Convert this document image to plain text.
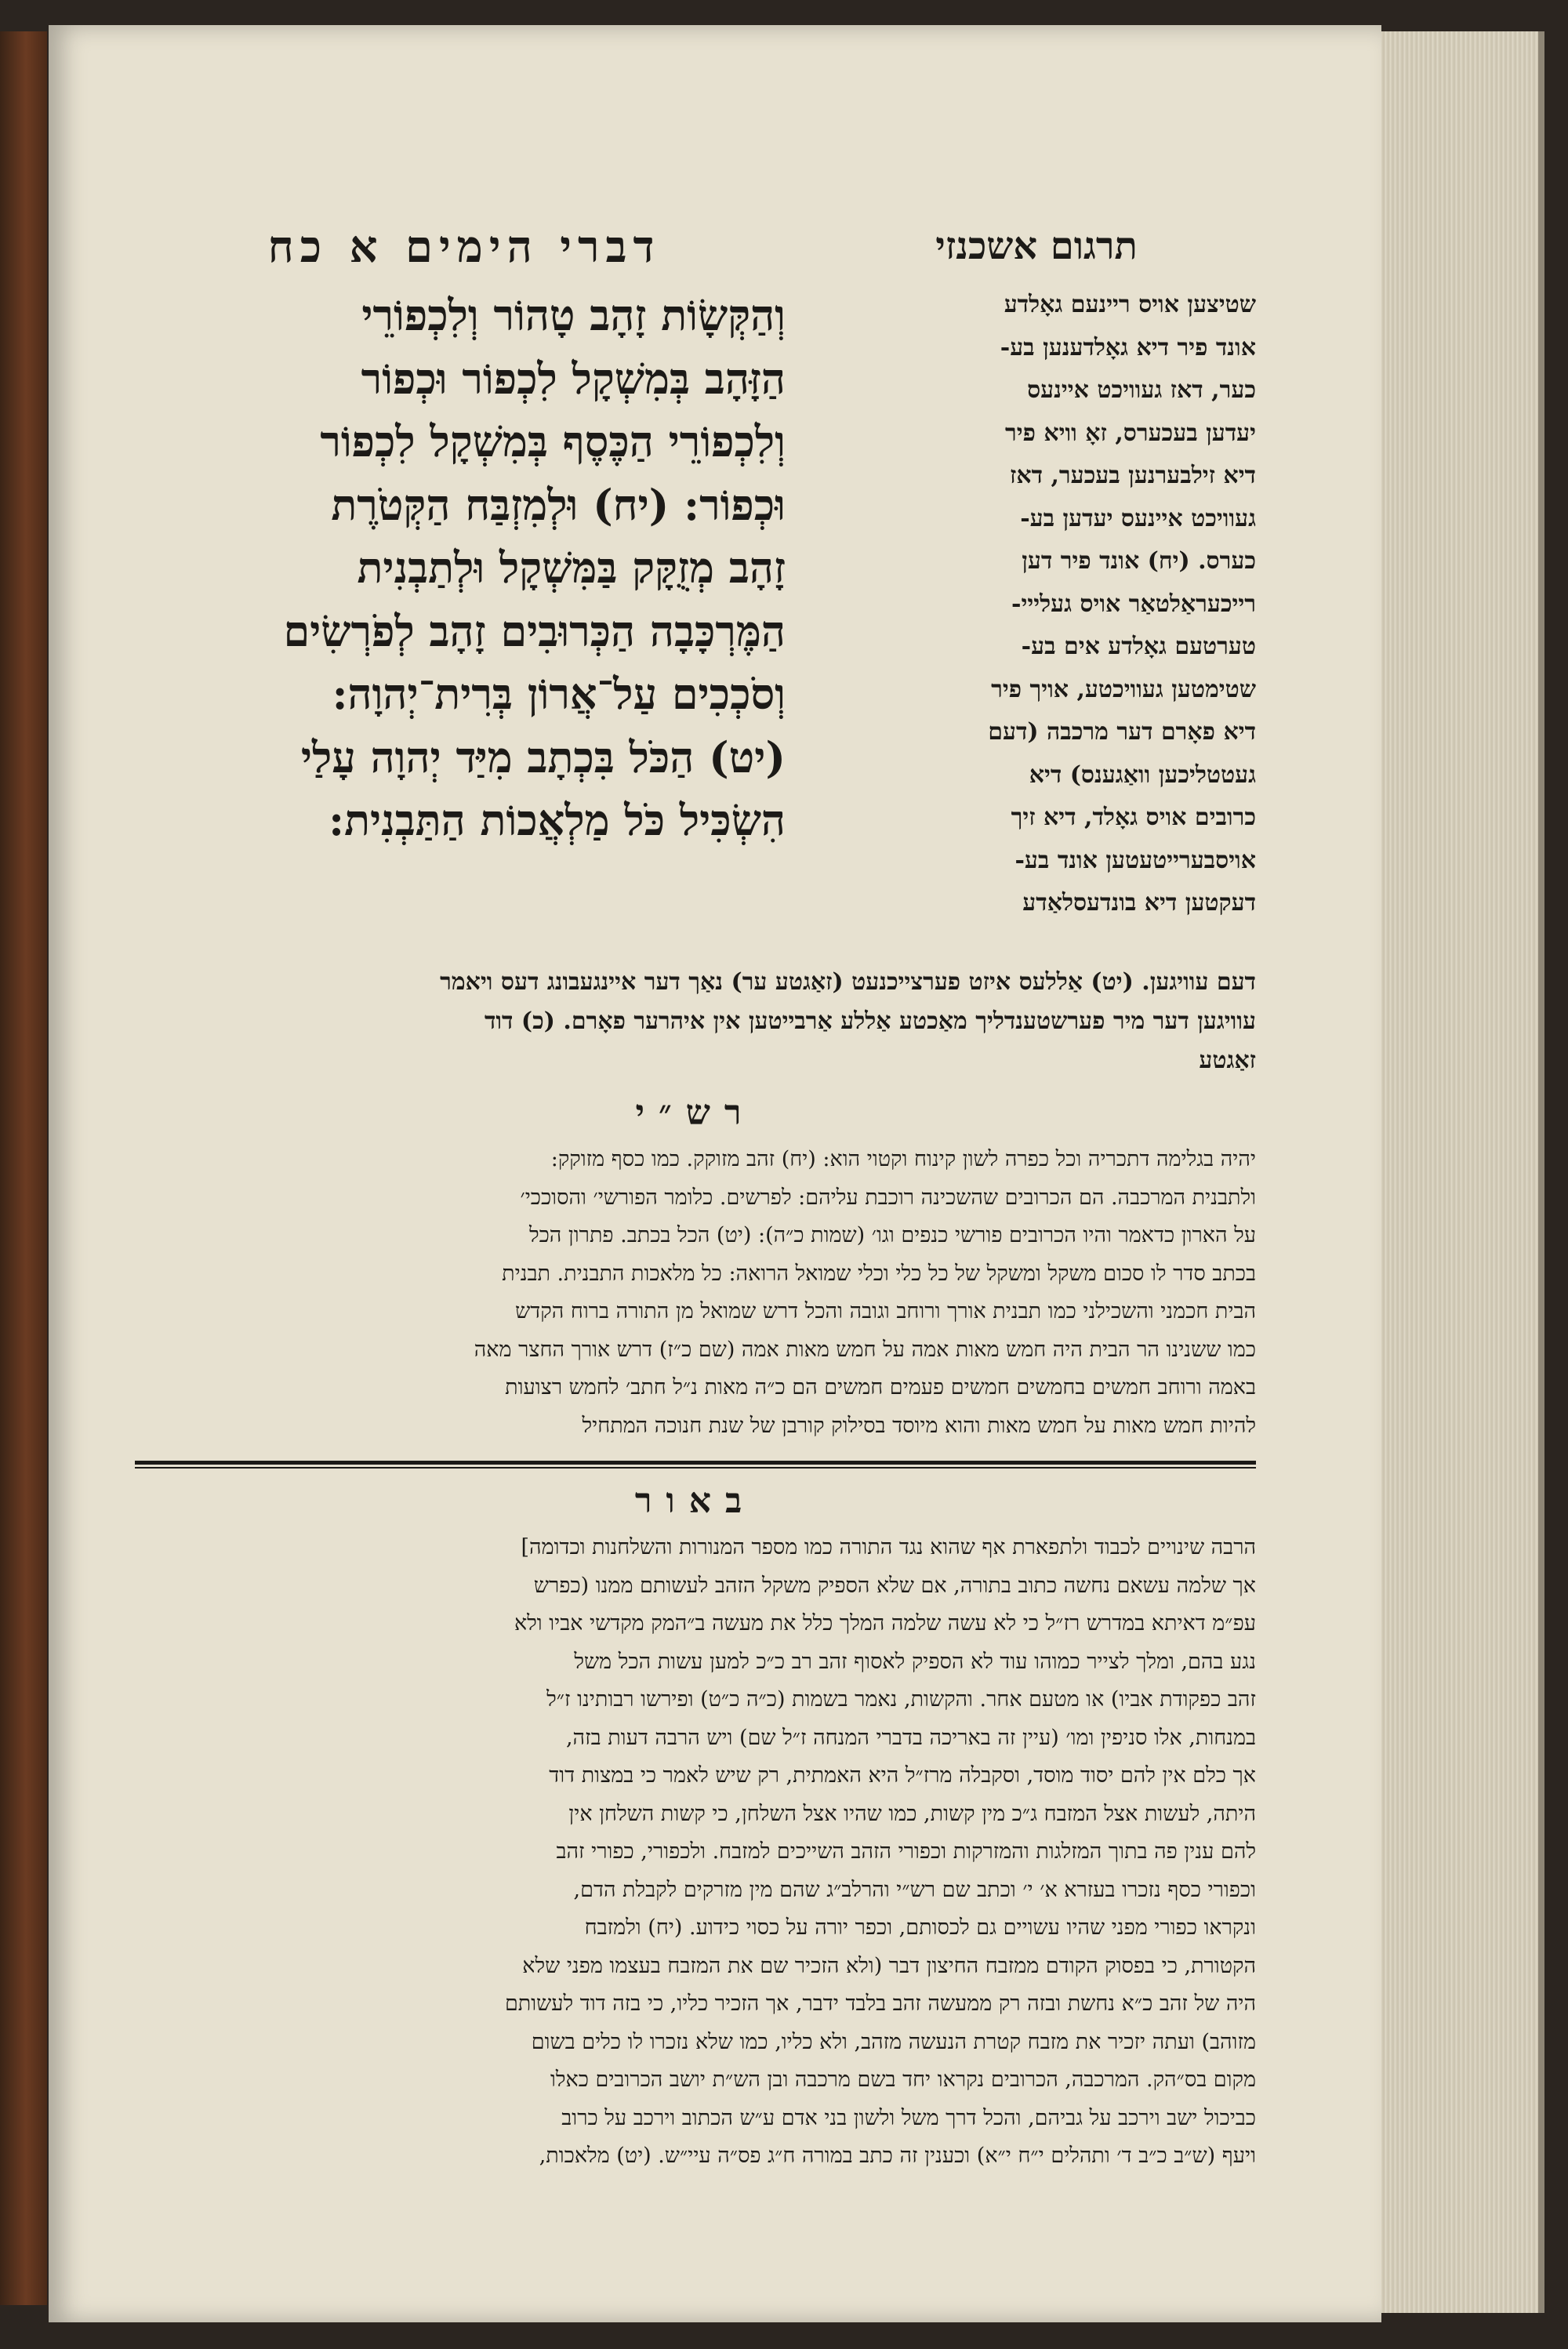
דברי הימים א כח	תרגום אשכנזי
שטיצען אויס ריינעם גאָלדע
אונד פיר דיא גאָלדענען בע-
כער, דאז געוויכט איינעס
יעדען בעכערס, זאָ וויא פיר
דיא זילבערנען בעכער, דאז
געוויכט איינעס יעדען בע-
כערס. (יח) אונד פיר דען
רייכעראַלטאַר אויס געלייי-
טערטעם גאָלדע אים בע-
שטימטען געוויכטע, אויך פיר
דיא פאָרם דער מרכבה (דעם
געטטליכען וואַגענס) דיא
כרובים אויס גאָלד, דיא זיך
אויסבערייטעטען אונד בע-
דעקטען דיא בונדעסלאַדע
וְהַקְּשָׂוֹת זָהָב טָהוֹר וְלִכְפוֹרֵי
הַזָּהָב בְּמִשְׁקָל לִכְפוֹר וּכְפוֹר
וְלִכְפוֹרֵי הַכֶּסֶף בְּמִשְׁקָל לִכְפוֹר
וּכְפוֹר: (יח) וּלְמִזְבַּח הַקְּטֹרֶת
זָהָב מְזֻקָּק בַּמִּשְׁקָל וּלְתַבְנִית
הַמֶּרְכָּבָה הַכְּרוּבִים זָהָב לְפֹרְשִׂים
וְסֹכְכִים עַל־אֲרוֹן בְּרִית־יְהוָה:
(יט) הַכֹּל בִּכְתָב מִיַּד יְהוָה עָלַי
הִשְׂכִּיל כֹּל מַלְאֲכוֹת הַתַּבְנִית:
דעם עוויגען. (יט) אַללעס איזט פערצייכנעט (זאַגטע ער) נאַך דער איינגעבונג דעס ויאמר
עוויגען דער מיר פערשטענדליך מאַכטע אַללע אַרבייטען אין איהרער פאָרם. (כ) דוד
זאַגטע
רש״י
יהיה בגלימה דתכריה וכל כפרה לשון קינוח וקטוי הוא: (יח) זהב מזוקק. כמו כסף מזוקק:
ולתבנית המרכבה. הם הכרובים שהשכינה רוכבת עליהם: לפרשים. כלומר הפורשי׳ והסוככי׳
על הארון כדאמר והיו הכרובים פורשי כנפים וגו׳ (שמות כ״ה): (יט) הכל בכתב. פתרון הכל
בכתב סדר לו סכום משקל ומשקל של כל כלי וכלי שמואל הרואה: כל מלאכות התבנית. תבנית
הבית חכמני והשכילני כמו תבנית אורך ורוחב וגובה והכל דרש שמואל מן התורה ברוח הקדש
כמו ששנינו הר הבית היה חמש מאות אמה על חמש מאות אמה (שם כ״ז) דרש אורך החצר מאה
באמה ורוחב חמשים בחמשים חמשים פעמים חמשים הם כ״ה מאות נ״ל חתב׳ לחמש רצועות
להיות חמש מאות על חמש מאות והוא מיוסד בסילוק קורבן של שנת חנוכה המתחיל
באור
הרבה שינויים לכבוד ולתפארת אף שהוא נגד התורה כמו מספר המנורות והשלחנות וכדומה]
אך שלמה עשאם נחשה כתוב בתורה, אם שלא הספיק משקל הזהב לעשותם ממנו (כפרש
עפ״מ דאיתא במדרש רז״ל כי לא עשה שלמה המלך כלל את מעשה ב״המק מקדשי אביו ולא
נגע בהם, ומלך לצייר כמוהו עוד לא הספיק לאסוף זהב רב כ״כ למען עשות הכל משל
זהב כפקודת אביו) או מטעם אחר. והקשות, נאמר בשמות (כ״ה כ״ט) ופירשו רבותינו ז״ל
במנחות, אלו סניפין ומו׳ (עיין זה באריכה בדברי המנחה ז״ל שם) ויש הרבה דעות בזה,
אך כלם אין להם יסוד מוסד, וסקבלה מרז״ל היא האמתית, רק שיש לאמר כי במצות דוד
היתה, לעשות אצל המזבח ג״כ מין קשות, כמו שהיו אצל השלחן, כי קשות השלחן אין
להם ענין פה בתוך המזלגות והמזרקות וכפורי הזהב השייכים למזבח. ולכפורי, כפורי זהב
וכפורי כסף נזכרו בעזרא א׳ י׳ וכתב שם רש״י והרלב״ג שהם מין מזרקים לקבלת הדם,
ונקראו כפורי מפני שהיו עשויים גם לכסותם, וכפר יורה על כסוי כידוע. (יח) ולמזבח
הקטורת, כי בפסוק הקודם ממזבח החיצון דבר (ולא הזכיר שם את המזבח בעצמו מפני שלא
היה של זהב כ״א נחשת ובזה רק ממעשה זהב בלבד ידבר, אך הזכיר כליו, כי בזה דוד לעשותם
מזוהב) ועתה יזכיר את מזבח קטרת הנעשה מזהב, ולא כליו, כמו שלא נזכרו לו כלים בשום
מקום בס״הק. המרכבה, הכרובים נקראו יחד בשם מרכבה ובן הש״ת יושב הכרובים כאלו
כביכול ישב וירכב על גביהם, והכל דרך משל ולשון בני אדם ע״ש הכתוב וירכב על כרוב
ויעף (ש״ב כ״ב ד׳ ותהלים י״ח י״א) וכענין זה כתב במורה ח״ג פס״ה עיי״ש. (יט) מלאכות,
